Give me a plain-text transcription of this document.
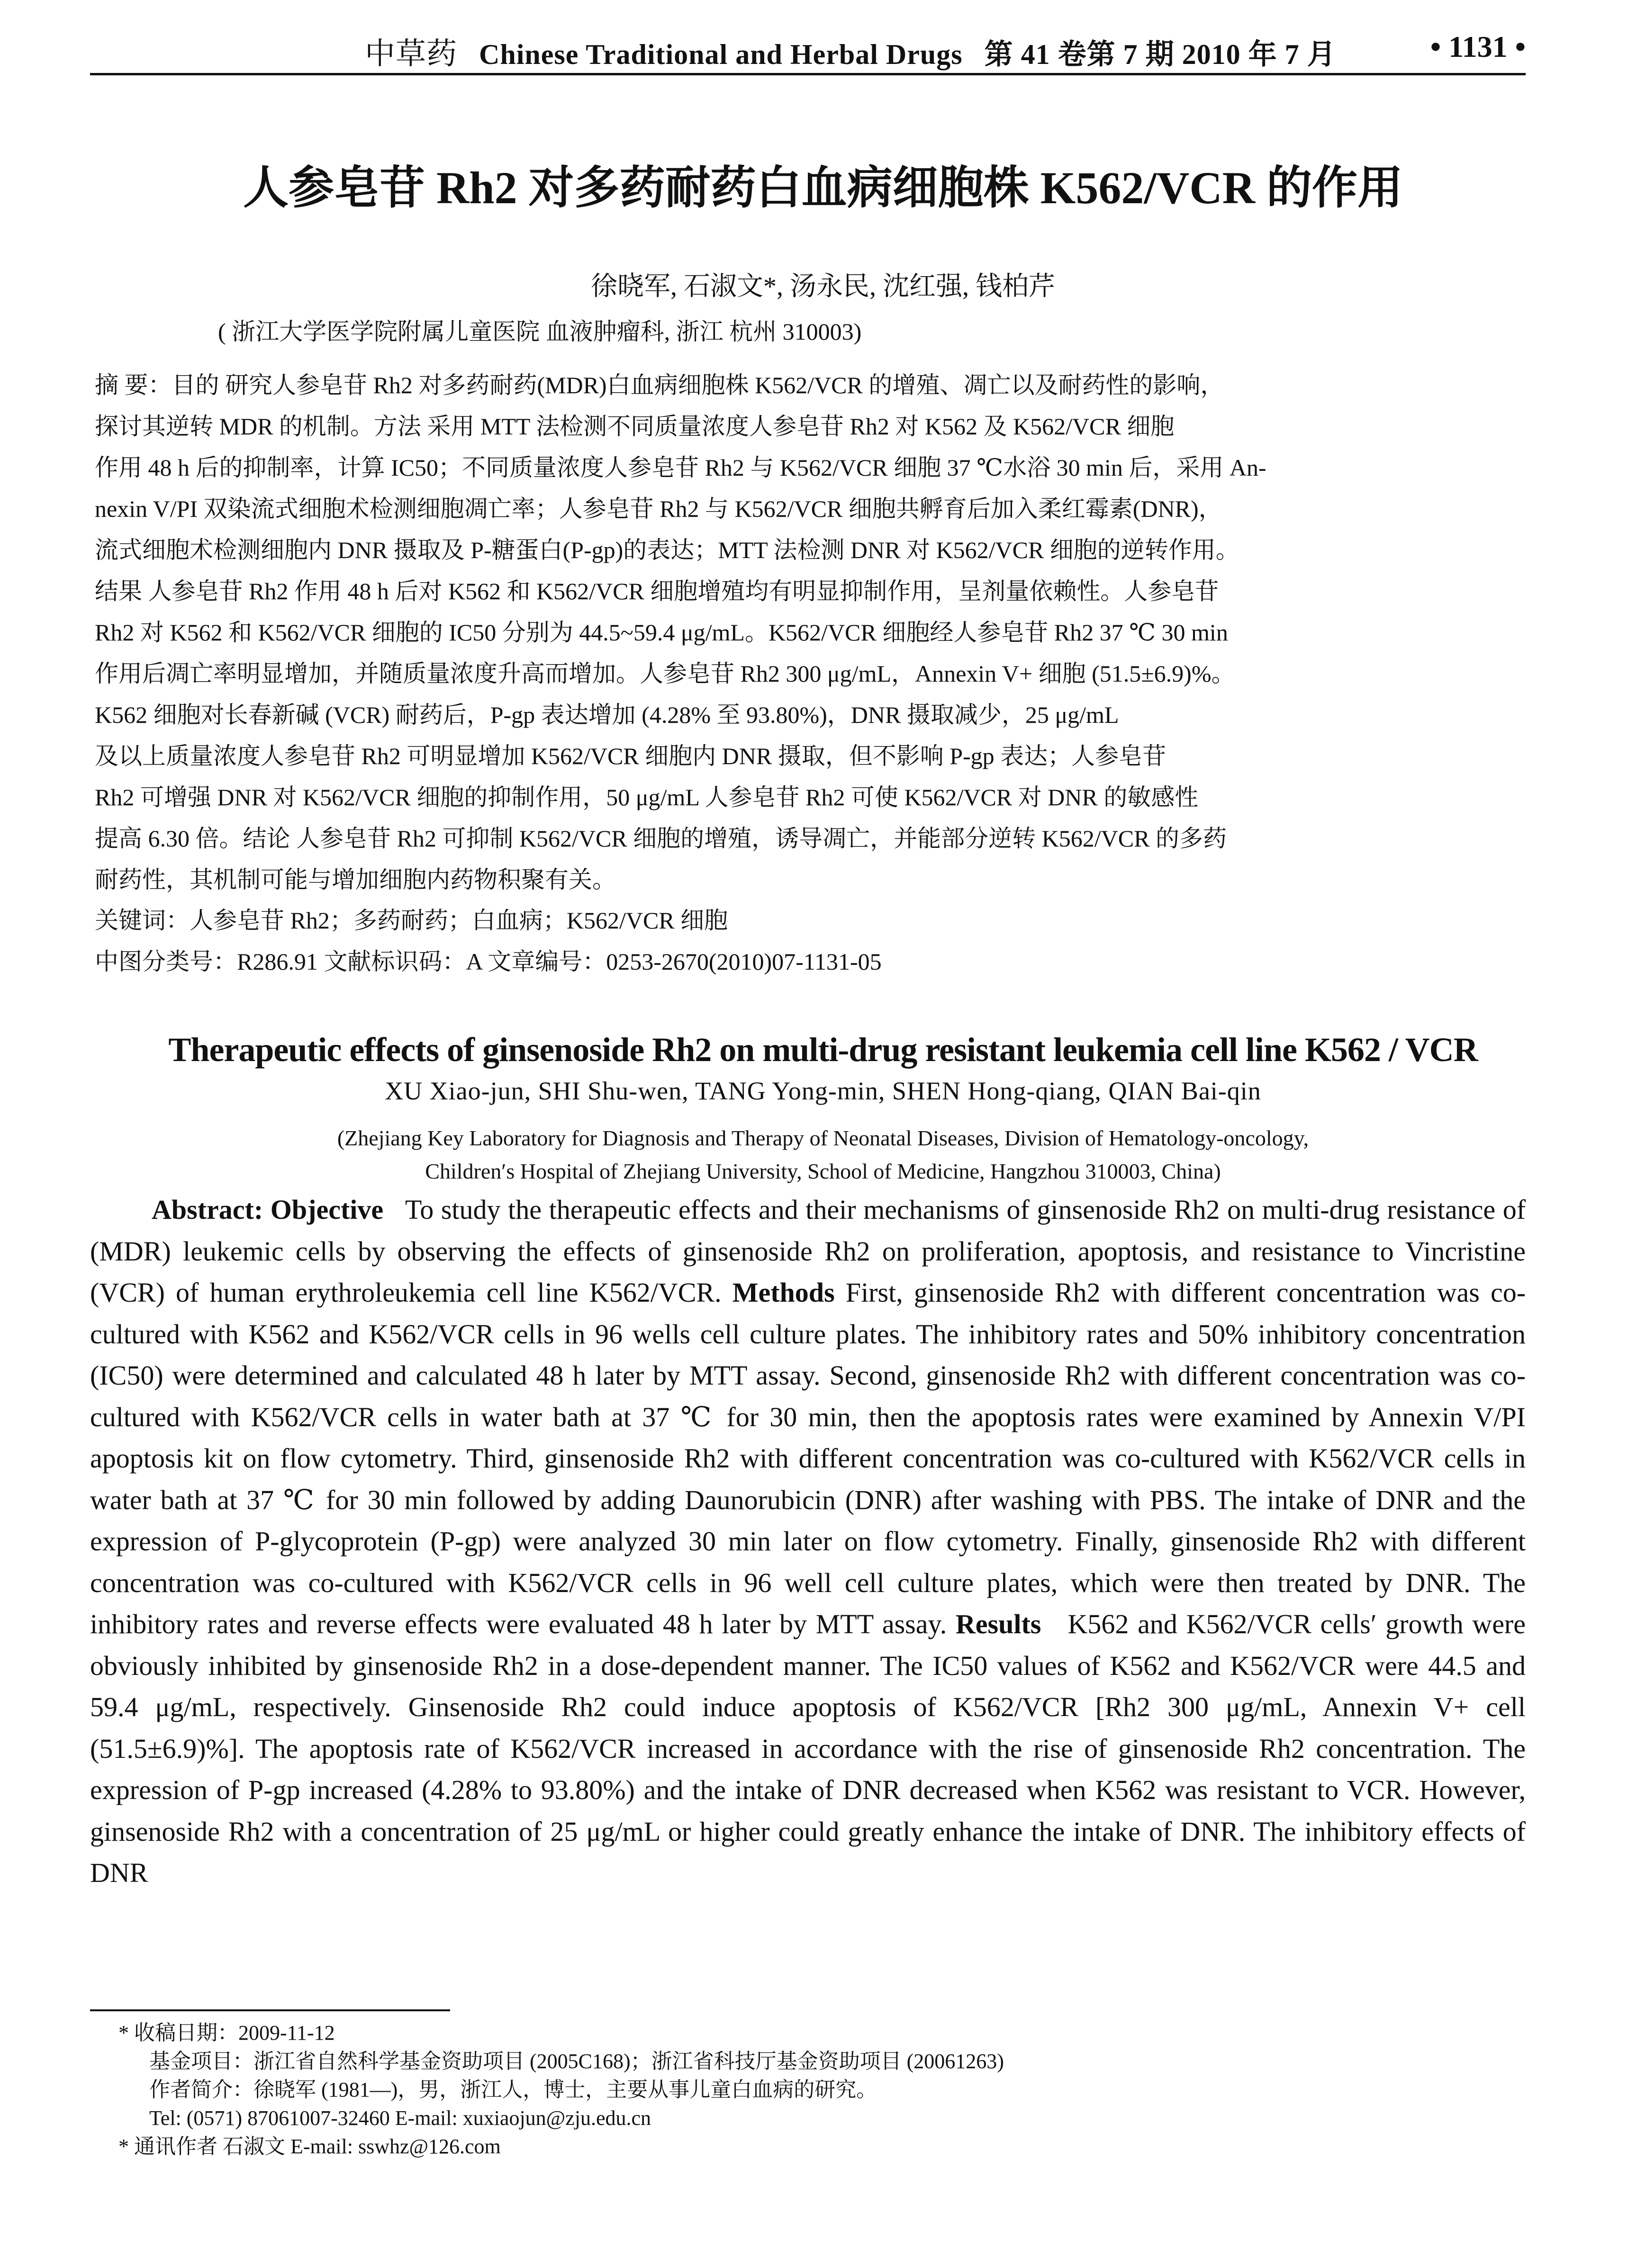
中草药 Chinese Traditional and Herbal Drugs 第 41 卷第 7 期 2010 年 7 月	• 1131 •
人参皂苷 Rh2 对多药耐药白血病细胞株 K562/VCR 的作用
徐晓军, 石淑文*, 汤永民, 沈红强, 钱柏芹
( 浙江大学医学院附属儿童医院 血液肿瘤科, 浙江 杭州 310003)

摘 要：目的 研究人参皂苷 Rh2 对多药耐药(MDR)白血病细胞株 K562/VCR 的增殖、凋亡以及耐药性的影响，

探讨其逆转 MDR 的机制。方法 采用 MTT 法检测不同质量浓度人参皂苷 Rh2 对 K562 及 K562/VCR 细胞

作用 48 h 后的抑制率，计算 IC50；不同质量浓度人参皂苷 Rh2 与 K562/VCR 细胞 37 ℃水浴 30 min 后，采用 An-

nexin V/PI 双染流式细胞术检测细胞凋亡率；人参皂苷 Rh2 与 K562/VCR 细胞共孵育后加入柔红霉素(DNR)，

流式细胞术检测细胞内 DNR 摄取及 P-糖蛋白(P-gp)的表达；MTT 法检测 DNR 对 K562/VCR 细胞的逆转作用。

结果 人参皂苷 Rh2 作用 48 h 后对 K562 和 K562/VCR 细胞增殖均有明显抑制作用，呈剂量依赖性。人参皂苷

Rh2 对 K562 和 K562/VCR 细胞的 IC50 分别为 44.5~59.4 μg/mL。K562/VCR 细胞经人参皂苷 Rh2 37 ℃ 30 min

作用后凋亡率明显增加，并随质量浓度升高而增加。人参皂苷 Rh2 300 μg/mL，Annexin V+ 细胞 (51.5±6.9)%。

K562 细胞对长春新碱 (VCR) 耐药后，P-gp 表达增加 (4.28% 至 93.80%)，DNR 摄取减少，25 μg/mL

及以上质量浓度人参皂苷 Rh2 可明显增加 K562/VCR 细胞内 DNR 摄取，但不影响 P-gp 表达；人参皂苷

Rh2 可增强 DNR 对 K562/VCR 细胞的抑制作用，50 μg/mL 人参皂苷 Rh2 可使 K562/VCR 对 DNR 的敏感性

提高 6.30 倍。结论 人参皂苷 Rh2 可抑制 K562/VCR 细胞的增殖，诱导凋亡，并能部分逆转 K562/VCR 的多药

耐药性，其机制可能与增加细胞内药物积聚有关。

关键词：人参皂苷 Rh2；多药耐药；白血病；K562/VCR 细胞

中图分类号：R286.91 文献标识码：A 文章编号：0253-2670(2010)07-1131-05

Therapeutic effects of ginsenoside Rh2 on multi-drug resistant leukemia cell line K562 / VCR
XU Xiao-jun, SHI Shu-wen, TANG Yong-min, SHEN Hong-qiang, QIAN Bai-qin
(Zhejiang Key Laboratory for Diagnosis and Therapy of Neonatal Diseases, Division of Hematology-oncology,
Children′s Hospital of Zhejiang University, School of Medicine, Hangzhou 310003, China)
Abstract: Objective To study the therapeutic effects and their mechanisms of ginsenoside Rh2 on multi-drug resistance of (MDR) leukemic cells by observing the effects of ginsenoside Rh2 on proliferation, apoptosis, and resistance to Vincristine (VCR) of human erythroleukemia cell line K562/VCR. Methods First, ginsenoside Rh2 with different concentration was co-cultured with K562 and K562/VCR cells in 96 wells cell culture plates. The inhibitory rates and 50% inhibitory concentration (IC50) were determined and calculated 48 h later by MTT assay. Second, ginsenoside Rh2 with different concentration was co-cultured with K562/VCR cells in water bath at 37 ℃ for 30 min, then the apoptosis rates were examined by Annexin V/PI apoptosis kit on flow cytometry. Third, ginsenoside Rh2 with different concentration was co-cultured with K562/VCR cells in water bath at 37 ℃ for 30 min followed by adding Daunorubicin (DNR) after washing with PBS. The intake of DNR and the expression of P-glycoprotein (P-gp) were analyzed 30 min later on flow cytometry. Finally, ginsenoside Rh2 with different concentration was co-cultured with K562/VCR cells in 96 well cell culture plates, which were then treated by DNR. The inhibitory rates and reverse effects were evaluated 48 h later by MTT assay. Results K562 and K562/VCR cells′ growth were obviously inhibited by ginsenoside Rh2 in a dose-dependent manner. The IC50 values of K562 and K562/VCR were 44.5 and 59.4 μg/mL, respectively. Ginsenoside Rh2 could induce apoptosis of K562/VCR [Rh2 300 μg/mL, Annexin V+ cell (51.5±6.9)%]. The apoptosis rate of K562/VCR increased in accordance with the rise of ginsenoside Rh2 concentration. The expression of P-gp increased (4.28% to 93.80%) and the intake of DNR decreased when K562 was resistant to VCR. However, ginsenoside Rh2 with a concentration of 25 μg/mL or higher could greatly enhance the intake of DNR. The inhibitory effects of DNR

* 收稿日期：2009-11-12

基金项目：浙江省自然科学基金资助项目 (2005C168)；浙江省科技厅基金资助项目 (20061263)

作者简介：徐晓军 (1981—)，男，浙江人，博士，主要从事儿童白血病的研究。

Tel: (0571) 87061007-32460 E-mail: xuxiaojun@zju.edu.cn

* 通讯作者 石淑文 E-mail: sswhz@126.com
